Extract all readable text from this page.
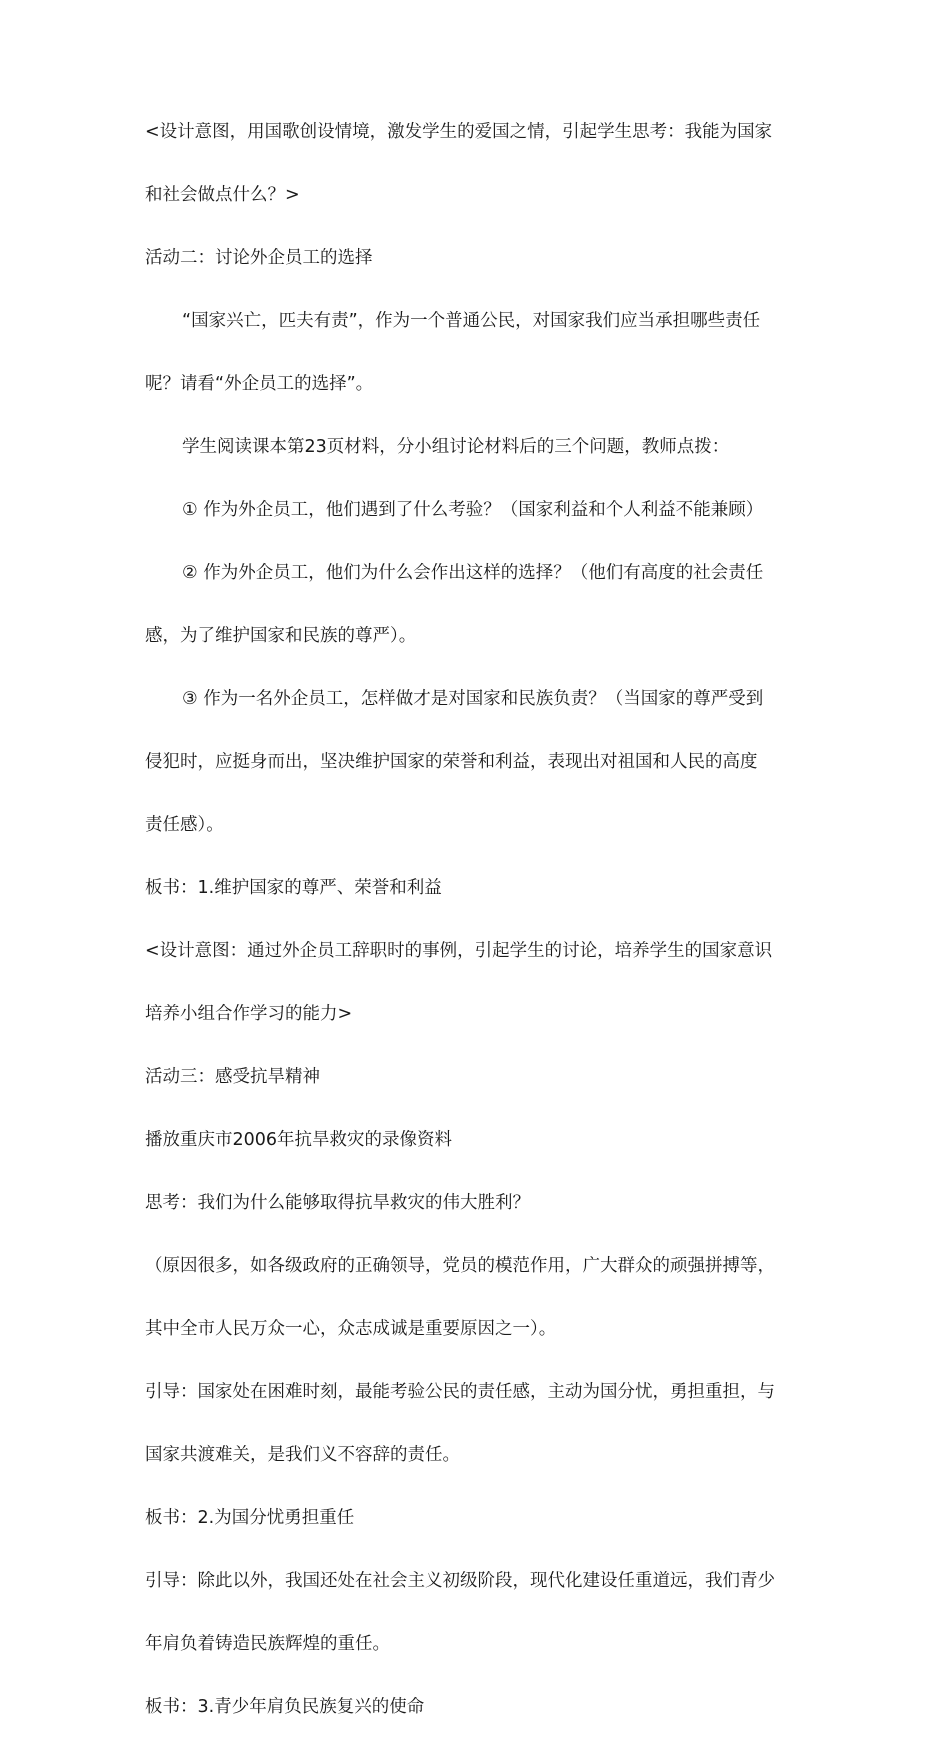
<设计意图，用国歌创设情境，激发学生的爱国之情，引起学生思考：我能为国家

和社会做点什么？>

活动二：讨论外企员工的选择

“国家兴亡，匹夫有责”，作为一个普通公民，对国家我们应当承担哪些责任

呢？请看“外企员工的选择”。

学生阅读课本第23页材料，分小组讨论材料后的三个问题，教师点拨：

① 作为外企员工，他们遇到了什么考验？（国家利益和个人利益不能兼顾）

② 作为外企员工，他们为什么会作出这样的选择？（他们有高度的社会责任

感，为了维护国家和民族的尊严）。

③ 作为一名外企员工，怎样做才是对国家和民族负责？（当国家的尊严受到

侵犯时，应挺身而出，坚决维护国家的荣誉和利益，表现出对祖国和人民的高度

责任感）。

板书：1.维护国家的尊严、荣誉和利益

<设计意图：通过外企员工辞职时的事例，引起学生的讨论，培养学生的国家意识

培养小组合作学习的能力>

活动三：感受抗旱精神

播放重庆市2006年抗旱救灾的录像资料

思考：我们为什么能够取得抗旱救灾的伟大胜利？

（原因很多，如各级政府的正确领导，党员的模范作用，广大群众的顽强拼搏等，

其中全市人民万众一心，众志成诚是重要原因之一）。

引导：国家处在困难时刻，最能考验公民的责任感，主动为国分忧，勇担重担，与

国家共渡难关，是我们义不容辞的责任。

板书：2.为国分忧勇担重任

引导：除此以外，我国还处在社会主义初级阶段，现代化建设任重道远，我们青少

年肩负着铸造民族辉煌的重任。

板书：3.青少年肩负民族复兴的使命
